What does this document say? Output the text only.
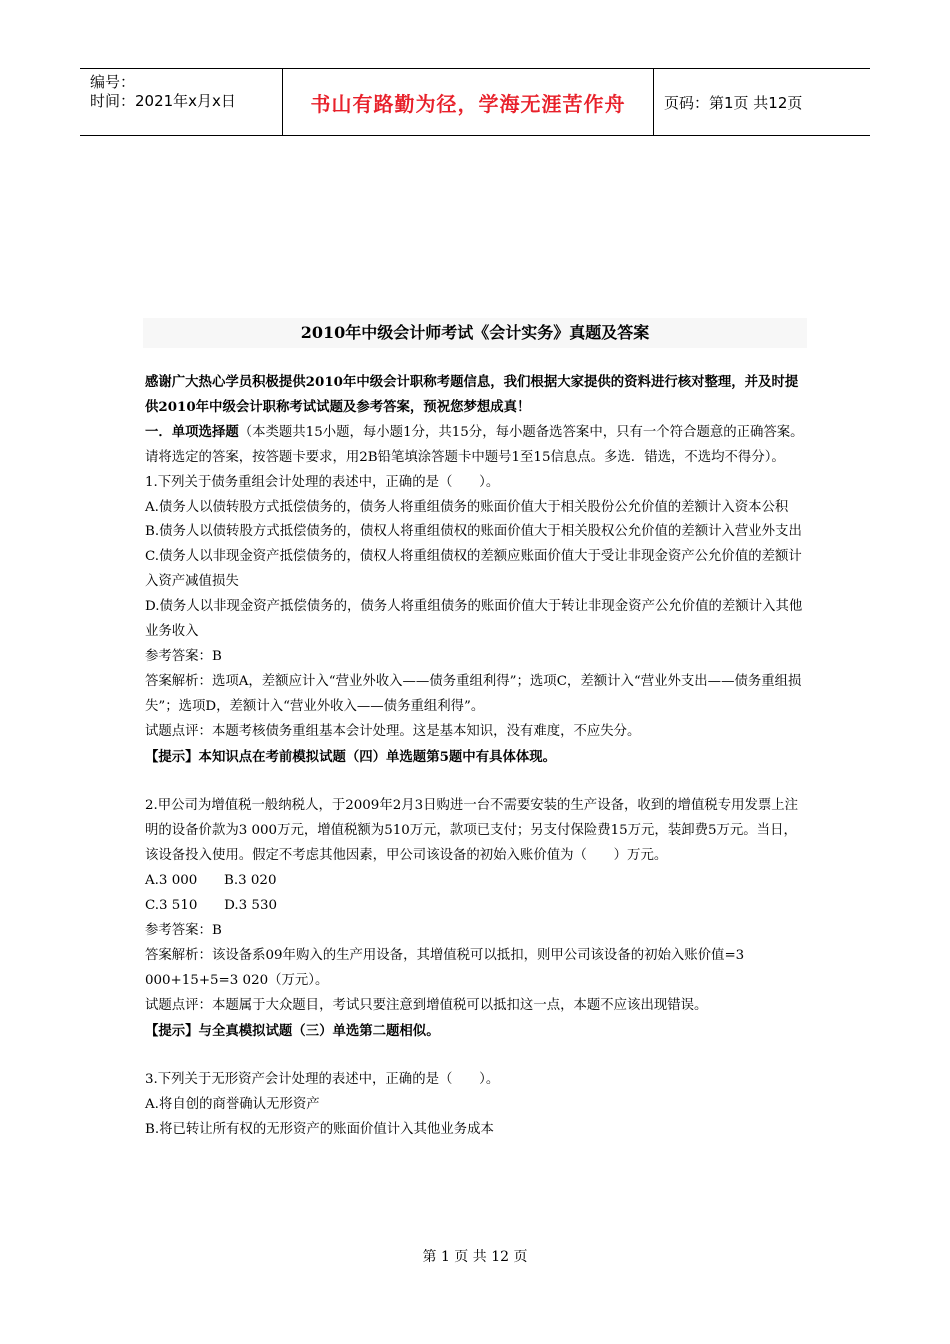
编号：
时间：2021年x月x日	书山有路勤为径，学海无涯苦作舟	页码：第1页 共12页
2010年中级会计师考试《会计实务》真题及答案

感谢广大热心学员积极提供2010年中级会计职称考题信息，我们根据大家提供的资料进行核对整理，并及时提供2010年中级会计职称考试试题及参考答案，预祝您梦想成真！

一．单项选择题（本类题共15小题，每小题1分，共15分，每小题备选答案中，只有一个符合题意的正确答案。请将选定的答案，按答题卡要求，用2B铅笔填涂答题卡中题号1至15信息点。多选．错选，不选均不得分）。

1.下列关于债务重组会计处理的表述中，正确的是（　　）。

A.债务人以债转股方式抵偿债务的，债务人将重组债务的账面价值大于相关股份公允价值的差额计入资本公积

B.债务人以债转股方式抵偿债务的，债权人将重组债权的账面价值大于相关股权公允价值的差额计入营业外支出

C.债务人以非现金资产抵偿债务的，债权人将重组债权的差额应账面价值大于受让非现金资产公允价值的差额计入资产减值损失

D.债务人以非现金资产抵偿债务的，债务人将重组债务的账面价值大于转让非现金资产公允价值的差额计入其他业务收入

参考答案：B

答案解析：选项A，差额应计入“营业外收入——债务重组利得”；选项C，差额计入“营业外支出——债务重组损失”；选项D，差额计入“营业外收入——债务重组利得”。

试题点评：本题考核债务重组基本会计处理。这是基本知识，没有难度，不应失分。

【提示】本知识点在考前模拟试题（四）单选题第5题中有具体体现。

2.甲公司为增值税一般纳税人，于2009年2月3日购进一台不需要安装的生产设备，收到的增值税专用发票上注明的设备价款为3 000万元，增值税额为510万元，款项已支付；另支付保险费15万元，装卸费5万元。当日，该设备投入使用。假定不考虑其他因素，甲公司该设备的初始入账价值为（　　）万元。

A.3 000　　B.3 020

C.3 510　　D.3 530

参考答案：B

答案解析：该设备系09年购入的生产用设备，其增值税可以抵扣，则甲公司该设备的初始入账价值=3 000+15+5=3 020（万元）。

试题点评：本题属于大众题目，考试只要注意到增值税可以抵扣这一点，本题不应该出现错误。

【提示】与全真模拟试题（三）单选第二题相似。

3.下列关于无形资产会计处理的表述中，正确的是（　　）。

A.将自创的商誉确认无形资产

B.将已转让所有权的无形资产的账面价值计入其他业务成本

第 1 页 共 12 页
